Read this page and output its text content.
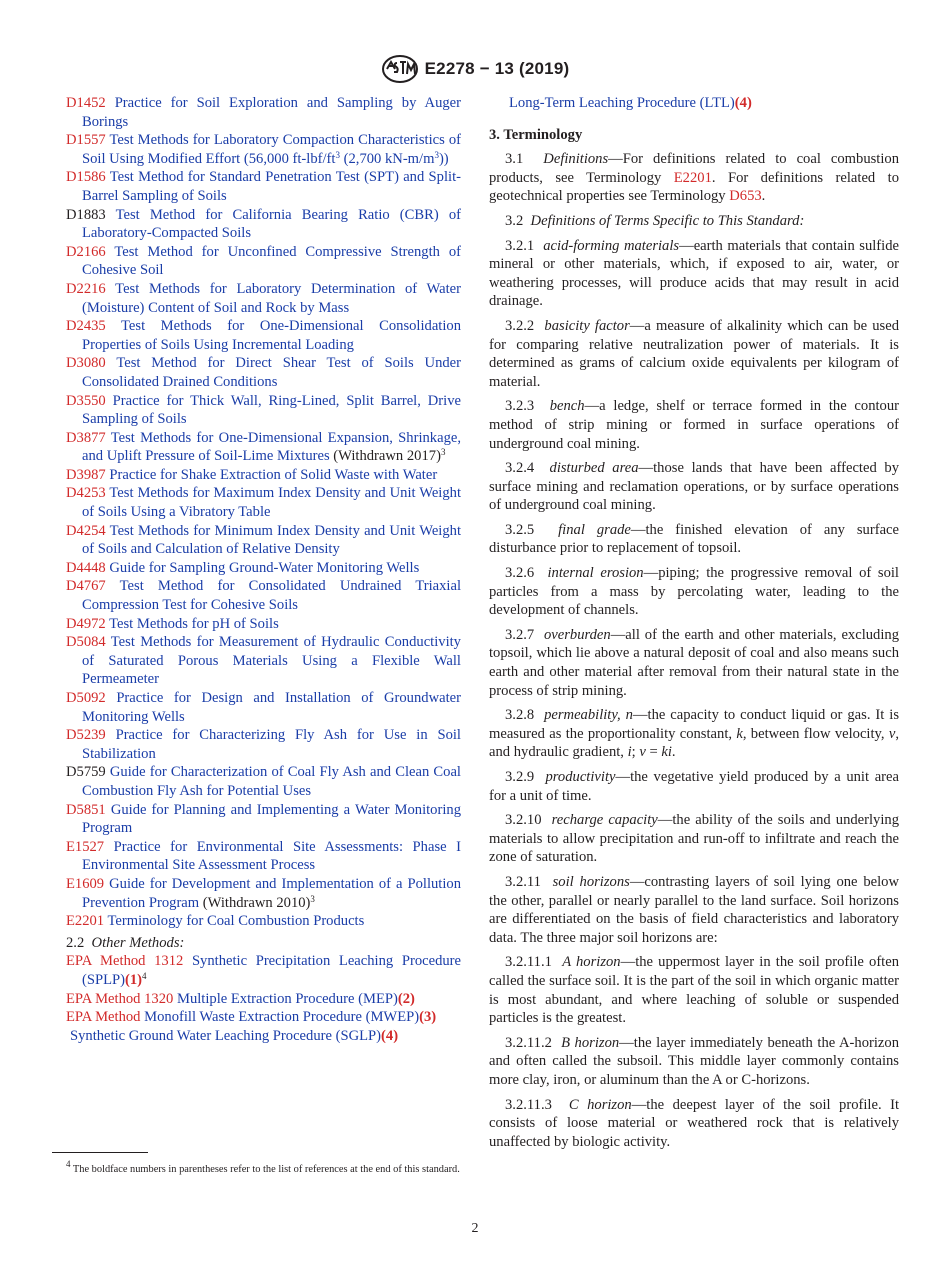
E2278 − 13 (2019)

D1452 Practice for Soil Exploration and Sampling by Auger Borings

D1557 Test Methods for Laboratory Compaction Characteristics of Soil Using Modified Effort (56,000 $ft-lbf/ft^3$ (2,700 $kN-m/m^3$))

D1586 Test Method for Standard Penetration Test (SPT) and Split-Barrel Sampling of Soils

D1883 Test Method for California Bearing Ratio (CBR) of Laboratory-Compacted Soils

D2166 Test Method for Unconfined Compressive Strength of Cohesive Soil

D2216 Test Methods for Laboratory Determination of Water (Moisture) Content of Soil and Rock by Mass

D2435 Test Methods for One-Dimensional Consolidation Properties of Soils Using Incremental Loading

D3080 Test Method for Direct Shear Test of Soils Under Consolidated Drained Conditions

D3550 Practice for Thick Wall, Ring-Lined, Split Barrel, Drive Sampling of Soils

D3877 Test Methods for One-Dimensional Expansion, Shrinkage, and Uplift Pressure of Soil-Lime Mixtures (Withdrawn 2017)$^3$

D3987 Practice for Shake Extraction of Solid Waste with Water

D4253 Test Methods for Maximum Index Density and Unit Weight of Soils Using a Vibratory Table

D4254 Test Methods for Minimum Index Density and Unit Weight of Soils and Calculation of Relative Density

D4448 Guide for Sampling Ground-Water Monitoring Wells

D4767 Test Method for Consolidated Undrained Triaxial Compression Test for Cohesive Soils

D4972 Test Methods for pH of Soils

D5084 Test Methods for Measurement of Hydraulic Conductivity of Saturated Porous Materials Using a Flexible Wall Permeameter

D5092 Practice for Design and Installation of Groundwater Monitoring Wells

D5239 Practice for Characterizing Fly Ash for Use in Soil Stabilization

D5759 Guide for Characterization of Coal Fly Ash and Clean Coal Combustion Fly Ash for Potential Uses

D5851 Guide for Planning and Implementing a Water Monitoring Program

E1527 Practice for Environmental Site Assessments: Phase I Environmental Site Assessment Process

E1609 Guide for Development and Implementation of a Pollution Prevention Program (Withdrawn 2010)$^3$

E2201 Terminology for Coal Combustion Products

2.2 Other Methods:

EPA Method 1312 Synthetic Precipitation Leaching Procedure $(SPLP)(1)^4$

EPA Method 1320 Multiple Extraction Procedure (MEP)(2)

EPA Method Monofill Waste Extraction Procedure (MWEP)(3)

Synthetic Ground Water Leaching Procedure (SGLP)(4)

Long-Term Leaching Procedure (LTL)(4)

3. Terminology

3.1 Definitions—For definitions related to coal combustion products, see Terminology E2201. For definitions related to geotechnical properties see Terminology D653.

3.2 Definitions of Terms Specific to This Standard:

3.2.1 acid-forming materials—earth materials that contain sulfide mineral or other materials, which, if exposed to air, water, or weathering processes, will produce acids that may result in acid drainage.

3.2.2 basicity factor—a measure of alkalinity which can be used for comparing relative neutralization power of materials. It is determined as grams of calcium oxide equivalents per kilogram of material.

3.2.3 bench—a ledge, shelf or terrace formed in the contour method of strip mining or formed in surface operations of underground coal mining.

3.2.4 disturbed area—those lands that have been affected by surface mining and reclamation operations, or by surface operations of underground coal mining.

3.2.5 final grade—the finished elevation of any surface disturbance prior to replacement of topsoil.

3.2.6 internal erosion—piping; the progressive removal of soil particles from a mass by percolating water, leading to the development of channels.

3.2.7 overburden—all of the earth and other materials, excluding topsoil, which lie above a natural deposit of coal and also means such earth and other material after removal from their natural state in the process of strip mining.

3.2.8 permeability, n—the capacity to conduct liquid or gas. It is measured as the proportionality constant, k, between flow velocity, v, and hydraulic gradient, i; v = ki.

3.2.9 productivity—the vegetative yield produced by a unit area for a unit of time.

3.2.10 recharge capacity—the ability of the soils and underlying materials to allow precipitation and run-off to infiltrate and reach the zone of saturation.

3.2.11 soil horizons—contrasting layers of soil lying one below the other, parallel or nearly parallel to the land surface. Soil horizons are differentiated on the basis of field characteristics and laboratory data. The three major soil horizons are:

3.2.11.1 A horizon—the uppermost layer in the soil profile often called the surface soil. It is the part of the soil in which organic matter is most abundant, and where leaching of soluble or suspended particles is the greatest.

3.2.11.2 B horizon—the layer immediately beneath the A-horizon and often called the subsoil. This middle layer commonly contains more clay, iron, or aluminum than the A or C-horizons.

3.2.11.3 C horizon—the deepest layer of the soil profile. It consists of loose material or weathered rock that is relatively unaffected by biologic activity.

$^4$ The boldface numbers in parentheses refer to the list of references at the end of this standard.
2
